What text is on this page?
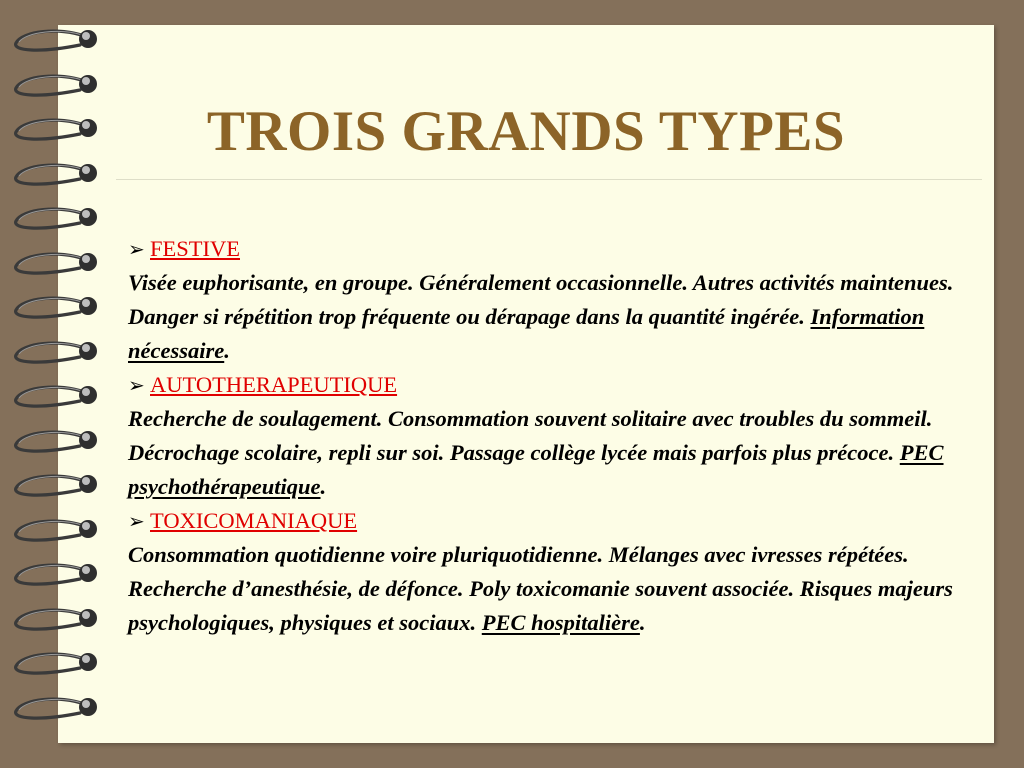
TROIS GRANDS TYPES
➢ FESTIVE
Visée euphorisante, en groupe. Généralement occasionnelle. Autres activités maintenues. Danger si répétition trop fréquente ou dérapage dans la quantité ingérée. Information nécessaire.
➢ AUTOTHERAPEUTIQUE
Recherche de soulagement. Consommation souvent solitaire avec troubles du sommeil. Décrochage scolaire, repli sur soi. Passage collège lycée mais parfois plus précoce. PEC psychothérapeutique.
➢ TOXICOMANIAQUE
Consommation quotidienne voire pluriquotidienne. Mélanges avec ivresses répétées. Recherche d’anesthésie, de défonce. Poly toxicomanie souvent associée. Risques majeurs psychologiques, physiques et sociaux. PEC hospitalière.
